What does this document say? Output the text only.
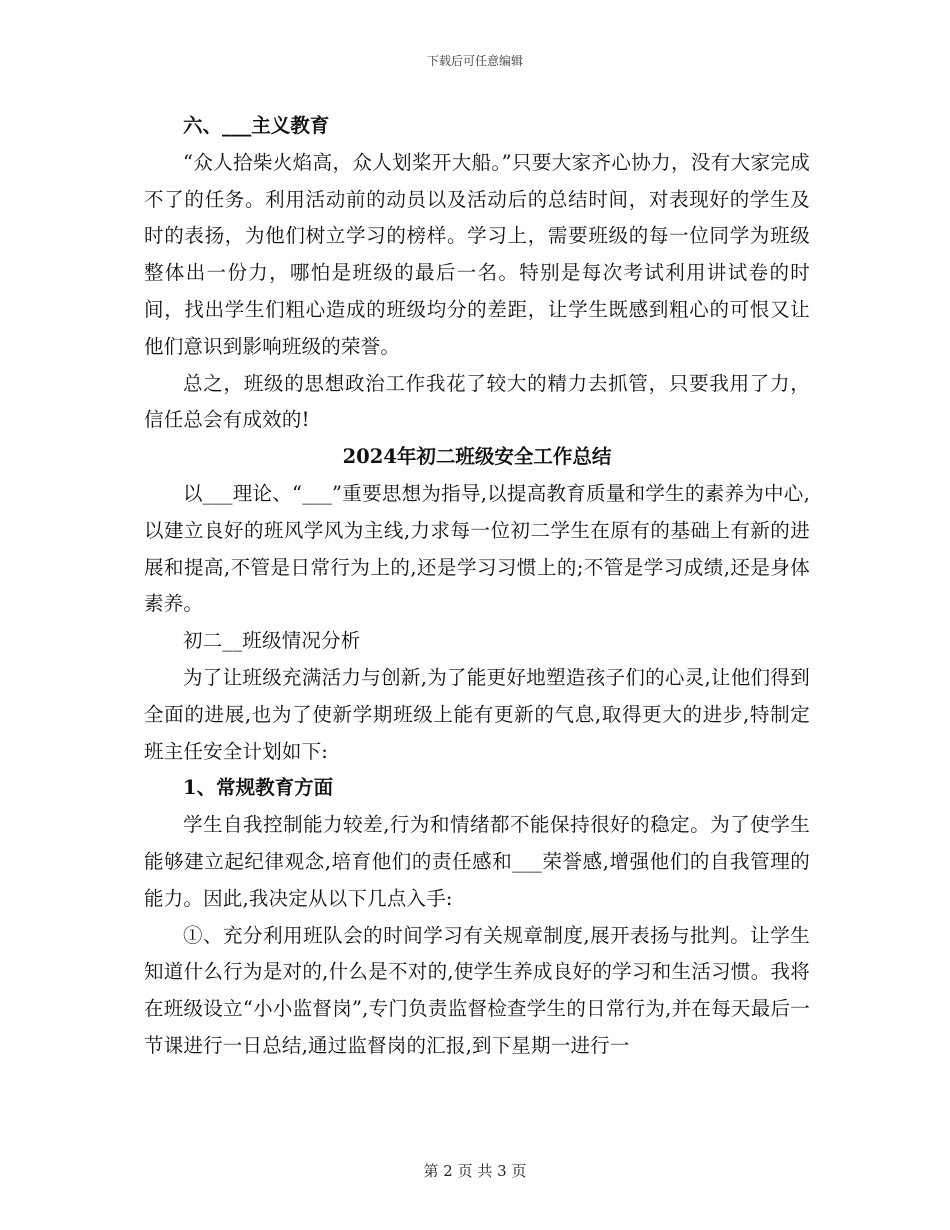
下载后可任意编辑

六、___主义教育

“众人拾柴火焰高，众人划桨开大船。”只要大家齐心协力，没有大家完成不了的任务。利用活动前的动员以及活动后的总结时间，对表现好的学生及时的表扬，为他们树立学习的榜样。学习上，需要班级的每一位同学为班级整体出一份力，哪怕是班级的最后一名。特别是每次考试利用讲试卷的时间，找出学生们粗心造成的班级均分的差距，让学生既感到粗心的可恨又让他们意识到影响班级的荣誉。

总之，班级的思想政治工作我花了较大的精力去抓管，只要我用了力，信任总会有成效的!

2024年初二班级安全工作总结

以___理论、“___”重要思想为指导,以提高教育质量和学生的素养为中心,以建立良好的班风学风为主线,力求每一位初二学生在原有的基础上有新的进展和提高,不管是日常行为上的,还是学习习惯上的;不管是学习成绩,还是身体素养。

初二__班级情况分析

为了让班级充满活力与创新,为了能更好地塑造孩子们的心灵,让他们得到全面的进展,也为了使新学期班级上能有更新的气息,取得更大的进步,特制定班主任安全计划如下:

1、常规教育方面

学生自我控制能力较差,行为和情绪都不能保持很好的稳定。为了使学生能够建立起纪律观念,培育他们的责任感和___荣誉感,增强他们的自我管理的能力。因此,我决定从以下几点入手:

①、充分利用班队会的时间学习有关规章制度,展开表扬与批判。让学生知道什么行为是对的,什么是不对的,使学生养成良好的学习和生活习惯。我将在班级设立“小小监督岗”,专门负责监督检查学生的日常行为,并在每天最后一节课进行一日总结,通过监督岗的汇报,到下星期一进行一

第 2 页 共 3 页
